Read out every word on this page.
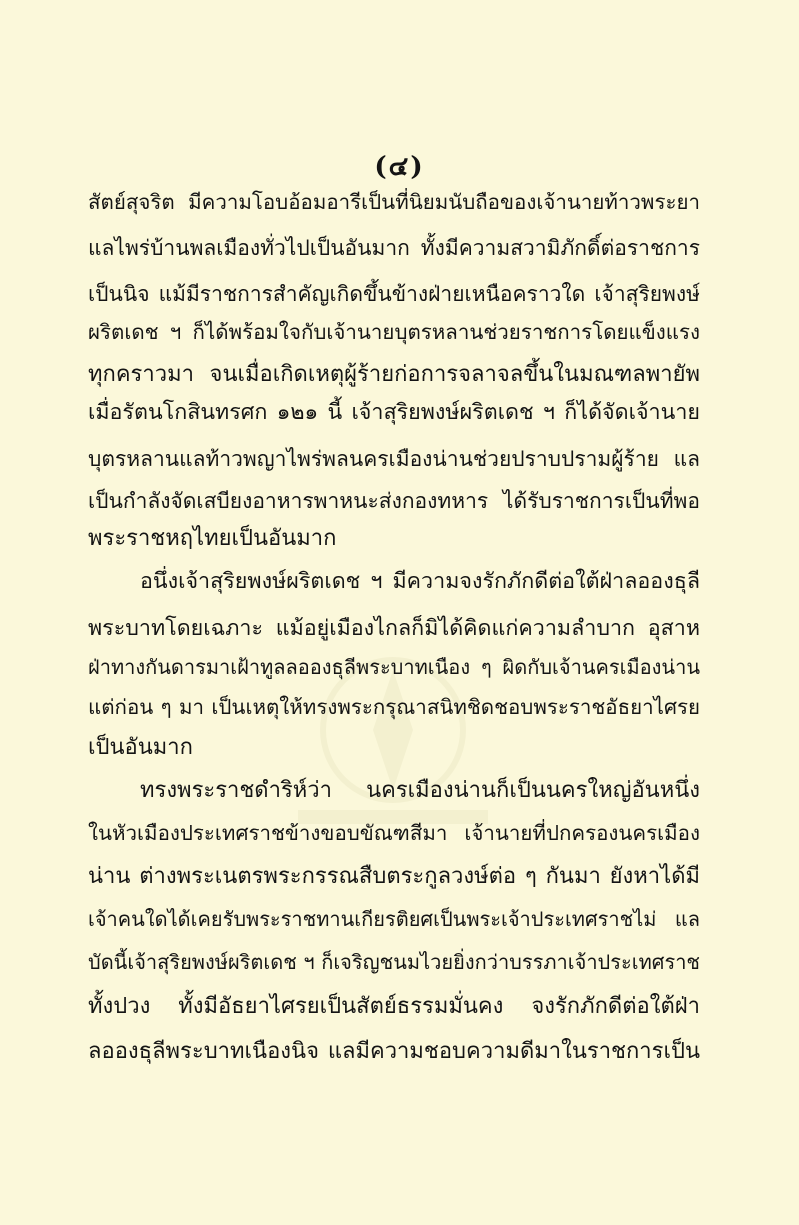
(๔)
สัตย์สุจริต มีความโอบอ้อมอารีเป็นที่นิยมนับถือของเจ้านายท้าวพระยา
แลไพร่บ้านพลเมืองทั่วไปเป็นอันมาก ทั้งมีความสวามิภักดิ์ต่อราชการ
เป็นนิจ แม้มีราชการสำคัญเกิดขึ้นข้างฝ่ายเหนือคราวใด เจ้าสุริยพงษ์
ผริตเดช ฯ ก็ได้พร้อมใจกับเจ้านายบุตรหลานช่วยราชการโดยแข็งแรง
ทุกคราวมา จนเมื่อเกิดเหตุผู้ร้ายก่อการจลาจลขึ้นในมณฑลพายัพ
เมื่อรัตนโกสินทรศก ๑๒๑ นี้ เจ้าสุริยพงษ์ผริตเดช ฯ ก็ได้จัดเจ้านาย
บุตรหลานแลท้าวพญาไพร่พลนครเมืองน่านช่วยปราบปรามผู้ร้าย แล
เป็นกำลังจัดเสบียงอาหารพาหนะส่งกองทหาร ได้รับราชการเป็นที่พอ
พระราชหฤไทยเป็นอันมาก
อนึ่งเจ้าสุริยพงษ์ผริตเดช ฯ มีความจงรักภักดีต่อใต้ฝ่าลอองธุลี
พระบาทโดยเฉภาะ แม้อยู่เมืองไกลก็มิได้คิดแก่ความลำบาก อุสาห
ฝ่าทางกันดารมาเฝ้าทูลลอองธุลีพระบาทเนือง ๆ ผิดกับเจ้านครเมืองน่าน
แต่ก่อน ๆ มา เป็นเหตุให้ทรงพระกรุณาสนิทชิดชอบพระราชอัธยาไศรย
เป็นอันมาก
ทรงพระราชดำริห์ว่า นครเมืองน่านก็เป็นนครใหญ่อันหนึ่ง
ในหัวเมืองประเทศราชข้างขอบขัณฑสีมา เจ้านายที่ปกครองนครเมือง
น่าน ต่างพระเนตรพระกรรณสืบตระกูลวงษ์ต่อ ๆ กันมา ยังหาได้มี
เจ้าคนใดได้เคยรับพระราชทานเกียรติยศเป็นพระเจ้าประเทศราชไม่ แล
บัดนี้เจ้าสุริยพงษ์ผริตเดช ฯ ก็เจริญชนมไวยยิ่งกว่าบรรภาเจ้าประเทศราช
ทั้งปวง ทั้งมีอัธยาไศรยเป็นสัตย์ธรรมมั่นคง จงรักภักดีต่อใต้ฝ่า
ลอองธุลีพระบาทเนืองนิจ แลมีความชอบความดีมาในราชการเป็น
